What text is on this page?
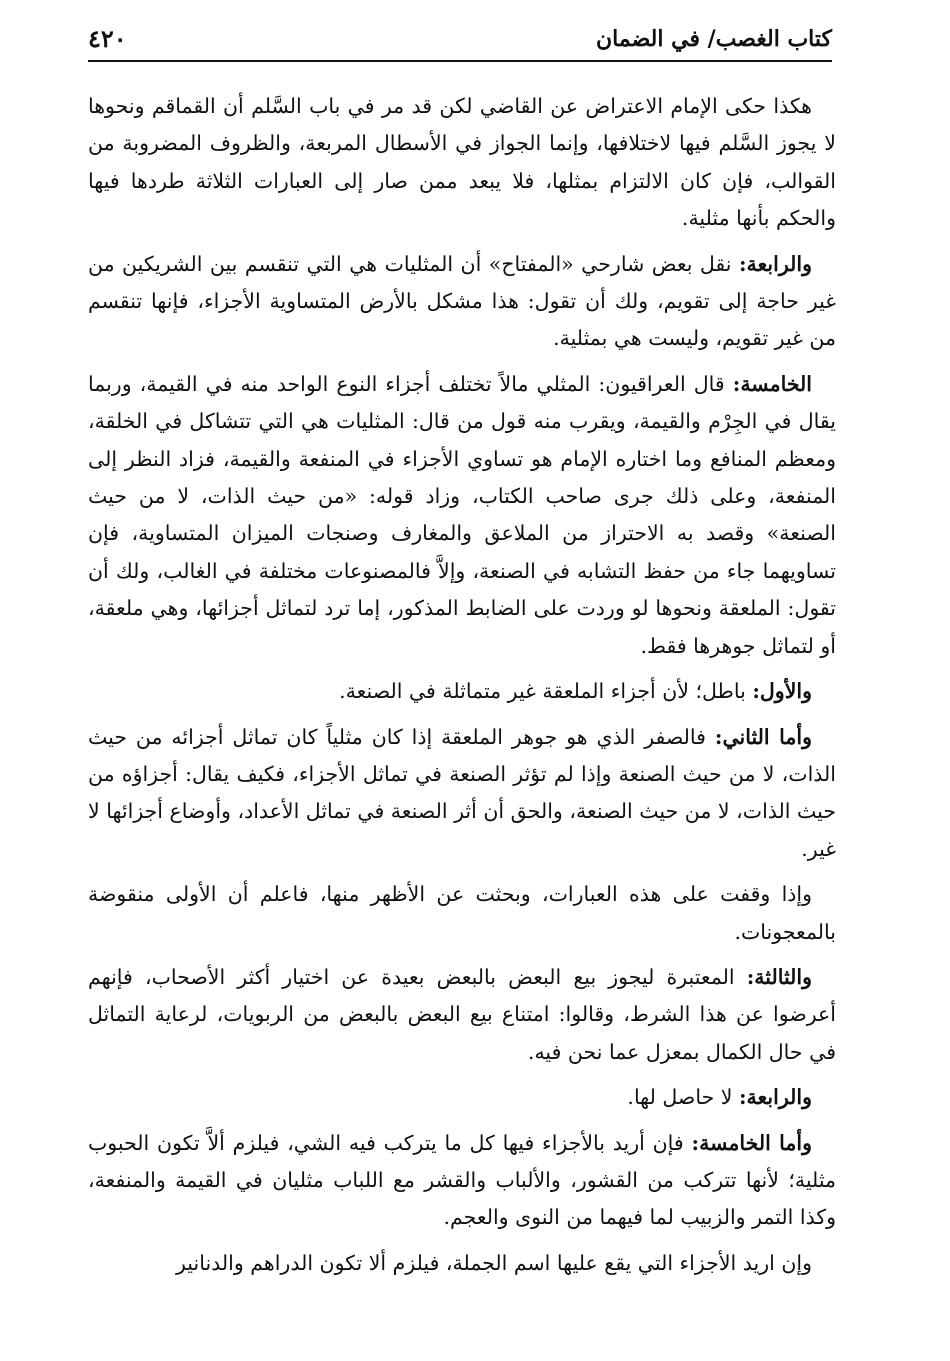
كتاب الغصب/ في الضمان
٤٢٠

هكذا حكى الإمام الاعتراض عن القاضي لكن قد مر في باب السَّلم أن القماقم ونحوها لا يجوز السَّلم فيها لاختلافها، وإنما الجواز في الأسطال المربعة، والظروف المضروبة من القوالب، فإن كان الالتزام بمثلها، فلا يبعد ممن صار إلى العبارات الثلاثة طردها فيها والحكم بأنها مثلية.

والرابعة: نقل بعض شارحي «المفتاح» أن المثليات هي التي تنقسم بين الشريكين من غير حاجة إلى تقويم، ولك أن تقول: هذا مشكل بالأرض المتساوية الأجزاء، فإنها تنقسم من غير تقويم، وليست هي بمثلية.

الخامسة: قال العراقيون: المثلي مالاً تختلف أجزاء النوع الواحد منه في القيمة، وربما يقال في الجِرْم والقيمة، ويقرب منه قول من قال: المثليات هي التي تتشاكل في الخلقة، ومعظم المنافع وما اختاره الإمام هو تساوي الأجزاء في المنفعة والقيمة، فزاد النظر إلى المنفعة، وعلى ذلك جرى صاحب الكتاب، وزاد قوله: «من حيث الذات، لا من حيث الصنعة» وقصد به الاحتراز من الملاعق والمغارف وصنجات الميزان المتساوية، فإن تساويهما جاء من حفظ التشابه في الصنعة، وإلاَّ فالمصنوعات مختلفة في الغالب، ولك أن تقول: الملعقة ونحوها لو وردت على الضابط المذكور، إما ترد لتماثل أجزائها، وهي ملعقة، أو لتماثل جوهرها فقط.

والأول: باطل؛ لأن أجزاء الملعقة غير متماثلة في الصنعة.

وأما الثاني: فالصفر الذي هو جوهر الملعقة إذا كان مثلياً كان تماثل أجزائه من حيث الذات، لا من حيث الصنعة وإذا لم تؤثر الصنعة في تماثل الأجزاء، فكيف يقال: أجزاؤه من حيث الذات، لا من حيث الصنعة، والحق أن أثر الصنعة في تماثل الأعداد، وأوضاع أجزائها لا غير.

وإذا وقفت على هذه العبارات، وبحثت عن الأظهر منها، فاعلم أن الأولى منقوضة بالمعجونات.

والثالثة: المعتبرة ليجوز بيع البعض بالبعض بعيدة عن اختيار أكثر الأصحاب، فإنهم أعرضوا عن هذا الشرط، وقالوا: امتناع بيع البعض بالبعض من الربويات، لرعاية التماثل في حال الكمال بمعزل عما نحن فيه.

والرابعة: لا حاصل لها.

وأما الخامسة: فإن أريد بالأجزاء فيها كل ما يتركب فيه الشي، فيلزم ألاَّ تكون الحبوب مثلية؛ لأنها تتركب من القشور، والألباب والقشر مع اللباب مثليان في القيمة والمنفعة، وكذا التمر والزبيب لما فيهما من النوى والعجم.

وإن اريد الأجزاء التي يقع عليها اسم الجملة، فيلزم ألا تكون الدراهم والدنانير
